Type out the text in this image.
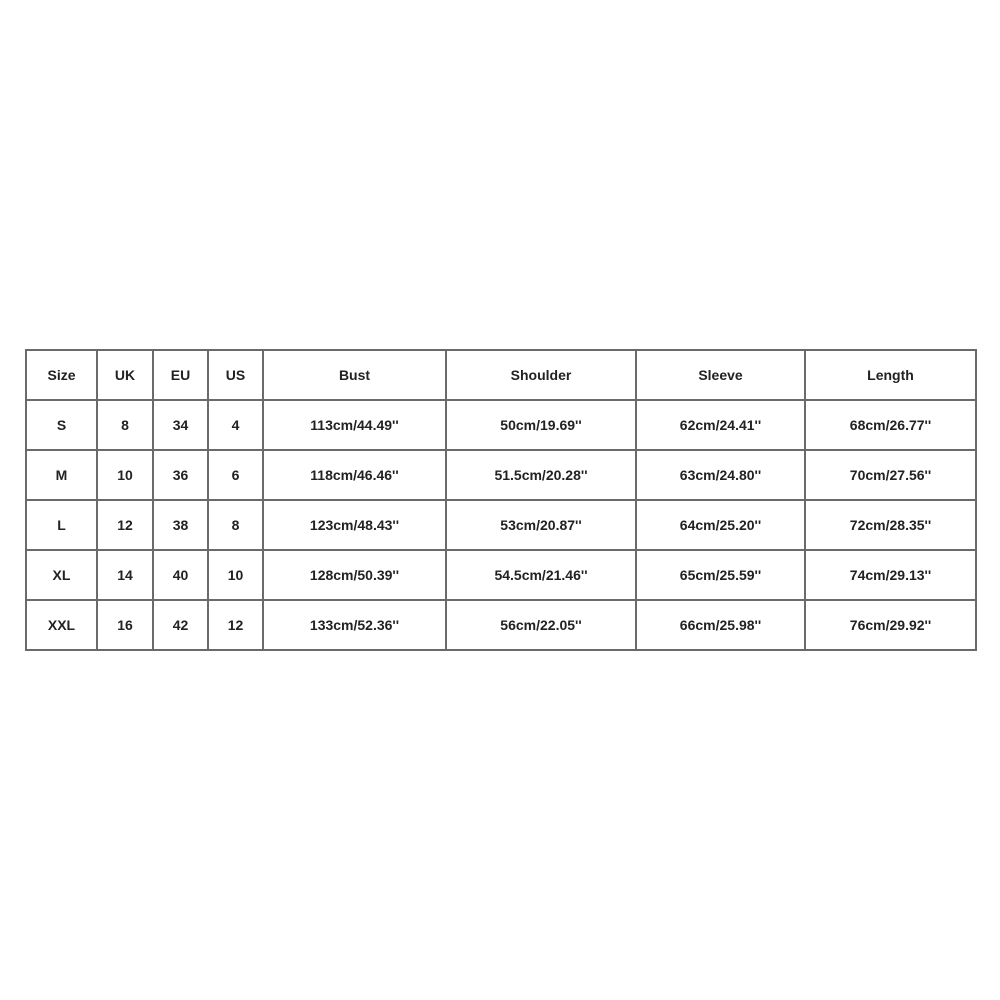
Size	UK	EU	US	Bust	Shoulder	Sleeve	Length
S	8	34	4	113cm/44.49''	50cm/19.69''	62cm/24.41''	68cm/26.77''
M	10	36	6	118cm/46.46''	51.5cm/20.28''	63cm/24.80''	70cm/27.56''
L	12	38	8	123cm/48.43''	53cm/20.87''	64cm/25.20''	72cm/28.35''
XL	14	40	10	128cm/50.39''	54.5cm/21.46''	65cm/25.59''	74cm/29.13''
XXL	16	42	12	133cm/52.36''	56cm/22.05''	66cm/25.98''	76cm/29.92''
